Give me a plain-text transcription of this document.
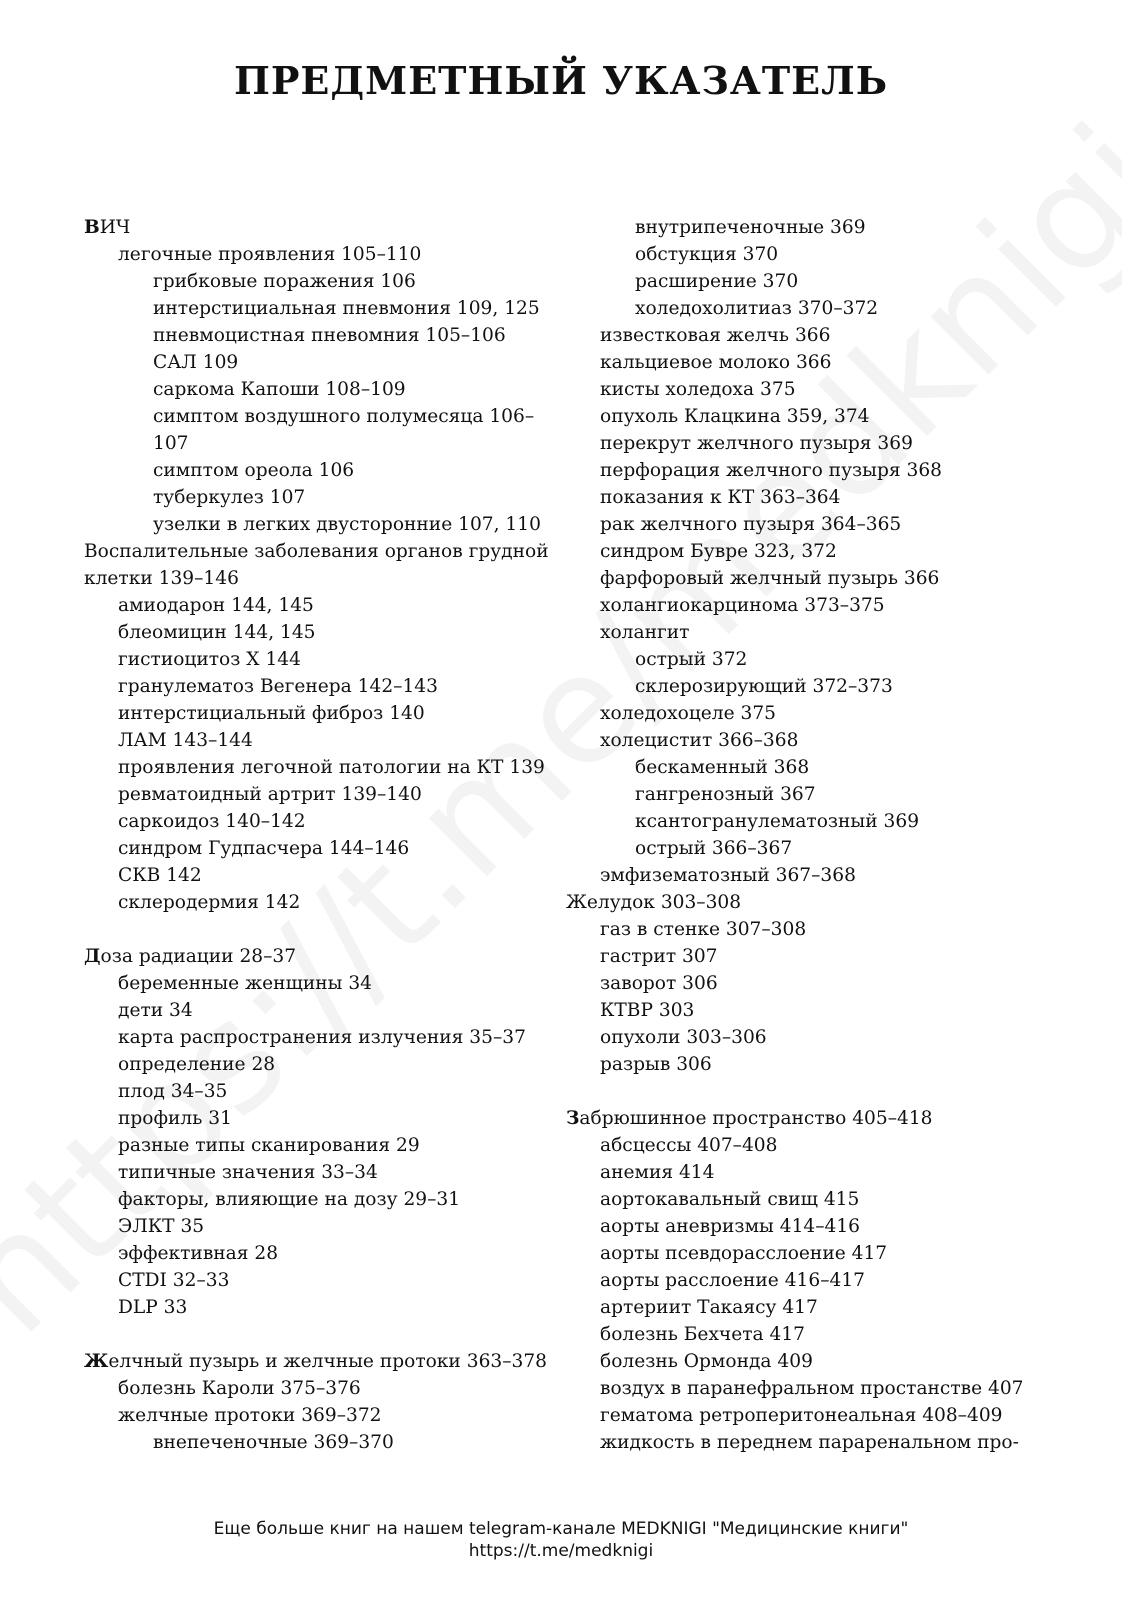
ПРЕДМЕТНЫЙ УКАЗАТЕЛЬ
ВИЧ
легочные проявления 105–110
грибковые поражения 106
интерстициальная пневмония 109, 125
пневмоцистная пневомния 105–106
САЛ 109
саркома Капоши 108–109
симптом воздушного полумесяца 106–
107
симптом ореола 106
туберкулез 107
узелки в легких двусторонние 107, 110
Воспалительные заболевания органов грудной
клетки 139–146
амиодарон 144, 145
блеомицин 144, 145
гистиоцитоз Х 144
гранулематоз Вегенера 142–143
интерстициальный фиброз 140
ЛАМ 143–144
проявления легочной патологии на КТ 139
ревматоидный артрит 139–140
саркоидоз 140–142
синдром Гудпасчера 144–146
СКВ 142
склеродермия 142
Доза радиации 28–37
беременные женщины 34
дети 34
карта распространения излучения 35–37
определение 28
плод 34–35
профиль 31
разные типы сканирования 29
типичные значения 33–34
факторы, влияющие на дозу 29–31
ЭЛКТ 35
эффективная 28
CTDI 32–33
DLP 33
Желчный пузырь и желчные протоки 363–378
болезнь Кароли 375–376
желчные протоки 369–372
внепеченочные 369–370
внутрипеченочные 369
обстукция 370
расширение 370
холедохолитиаз 370–372
известковая желчь 366
кальциевое молоко 366
кисты холедоха 375
опухоль Клацкина 359, 374
перекрут желчного пузыря 369
перфорация желчного пузыря 368
показания к КТ 363–364
рак желчного пузыря 364–365
синдром Бувре 323, 372
фарфоровый желчный пузырь 366
холангиокарцинома 373–375
холангит
острый 372
склерозирующий 372–373
холедохоцеле 375
холецистит 366–368
бескаменный 368
гангренозный 367
ксантогранулематозный 369
острый 366–367
эмфизематозный 367–368
Желудок 303–308
газ в стенке 307–308
гастрит 307
заворот 306
КТВР 303
опухоли 303–306
разрыв 306
Забрюшинное пространство 405–418
абсцессы 407–408
анемия 414
аортокавальный свищ 415
аорты аневризмы 414–416
аорты псевдорасслоение 417
аорты расслоение 416–417
артериит Такаясу 417
болезнь Бехчета 417
болезнь Ормонда 409
воздух в паранефральном простанстве 407
гематома ретроперитонеальная 408–409
жидкость в переднем параренальном про-
Еще больше книг на нашем telegram-канале MEDKNIGI "Медицинские книги"
https://t.me/medknigi
